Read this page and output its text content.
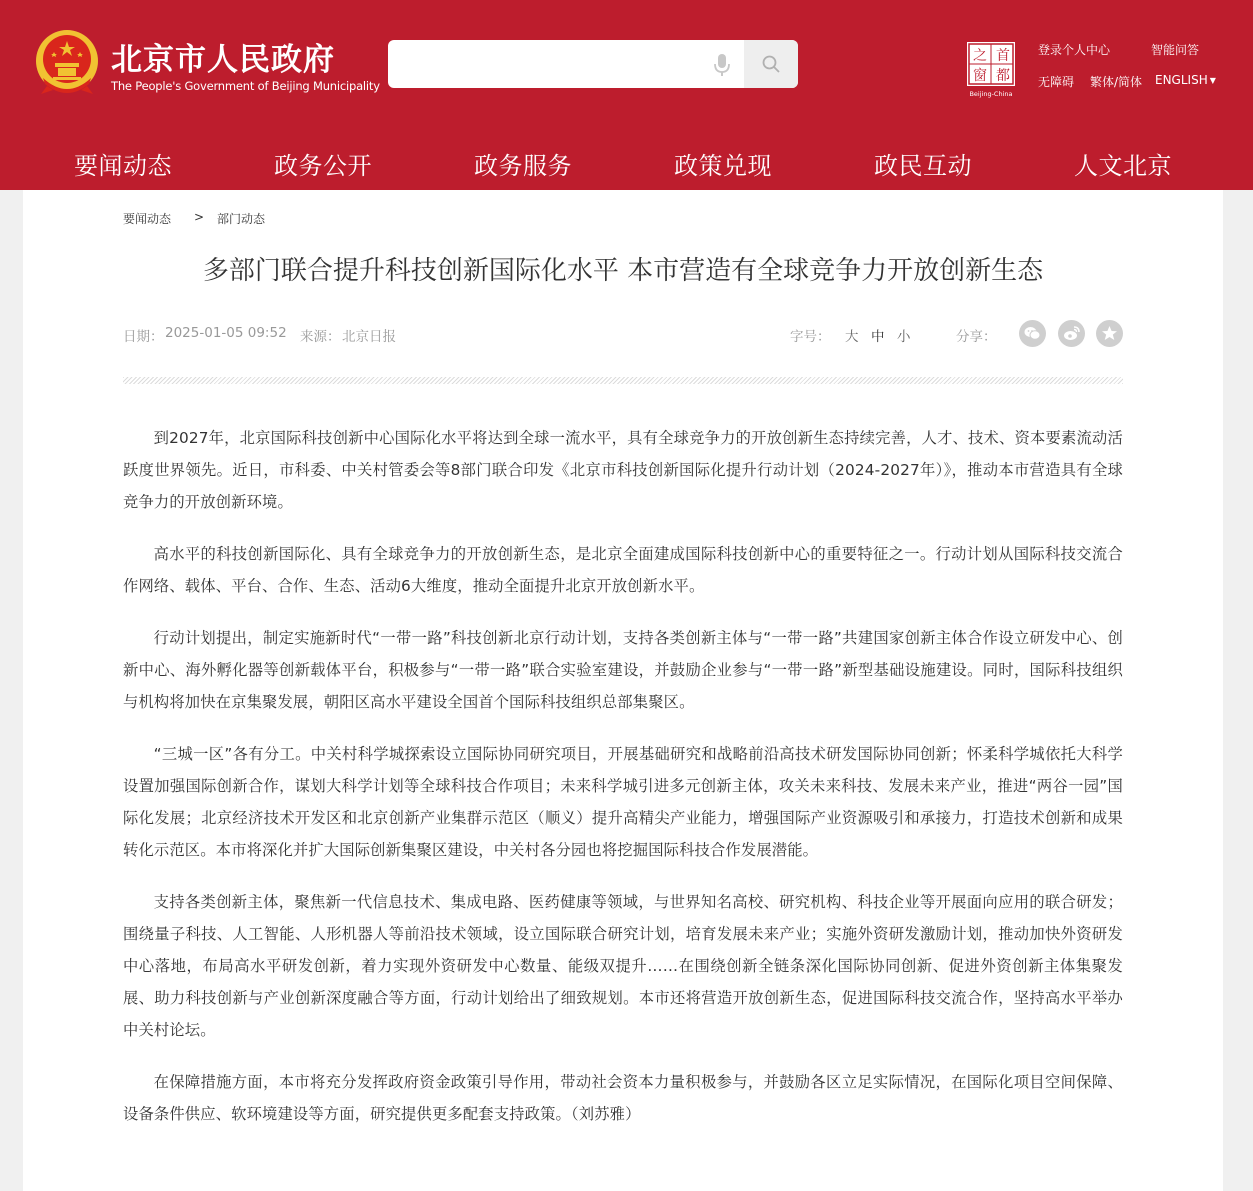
北京市人民政府
The People's Government of Beijing Municipality
首
都
之
窗
Beijing-China
登录个人中心	智能问答
无障碍 繁体/简体 ENGLISH ▼
要闻动态	政务公开	政务服务	政策兑现	政民互动	人文北京
要闻动态 > 部门动态
多部门联合提升科技创新国际化水平 本市营造有全球竞争力开放创新生态
日期： 2025-01-05 09:52 来源： 北京日报	字号： 大 中 小	分享：

到2027年，北京国际科技创新中心国际化水平将达到全球一流水平，具有全球竞争力的开放创新生态持续完善，人才、技术、资本要素流动活跃度世界领先。近日，市科委、中关村管委会等8部门联合印发《北京市科技创新国际化提升行动计划（2024-2027年）》，推动本市营造具有全球竞争力的开放创新环境。

高水平的科技创新国际化、具有全球竞争力的开放创新生态，是北京全面建成国际科技创新中心的重要特征之一。行动计划从国际科技交流合作网络、载体、平台、合作、生态、活动6大维度，推动全面提升北京开放创新水平。

行动计划提出，制定实施新时代“一带一路”科技创新北京行动计划，支持各类创新主体与“一带一路”共建国家创新主体合作设立研发中心、创新中心、海外孵化器等创新载体平台，积极参与“一带一路”联合实验室建设，并鼓励企业参与“一带一路”新型基础设施建设。同时，国际科技组织与机构将加快在京集聚发展，朝阳区高水平建设全国首个国际科技组织总部集聚区。

“三城一区”各有分工。中关村科学城探索设立国际协同研究项目，开展基础研究和战略前沿高技术研发国际协同创新；怀柔科学城依托大科学设置加强国际创新合作，谋划大科学计划等全球科技合作项目；未来科学城引进多元创新主体，攻关未来科技、发展未来产业，推进“两谷一园”国际化发展；北京经济技术开发区和北京创新产业集群示范区（顺义）提升高精尖产业能力，增强国际产业资源吸引和承接力，打造技术创新和成果转化示范区。本市将深化并扩大国际创新集聚区建设，中关村各分园也将挖掘国际科技合作发展潜能。

支持各类创新主体，聚焦新一代信息技术、集成电路、医药健康等领域，与世界知名高校、研究机构、科技企业等开展面向应用的联合研发；围绕量子科技、人工智能、人形机器人等前沿技术领域，设立国际联合研究计划，培育发展未来产业；实施外资研发激励计划，推动加快外资研发中心落地，布局高水平研发创新，着力实现外资研发中心数量、能级双提升……在围绕创新全链条深化国际协同创新、促进外资创新主体集聚发展、助力科技创新与产业创新深度融合等方面，行动计划给出了细致规划。本市还将营造开放创新生态，促进国际科技交流合作，坚持高水平举办中关村论坛。

在保障措施方面，本市将充分发挥政府资金政策引导作用，带动社会资本力量积极参与，并鼓励各区立足实际情况，在国际化项目空间保障、设备条件供应、软环境建设等方面，研究提供更多配套支持政策。（刘苏雅）
